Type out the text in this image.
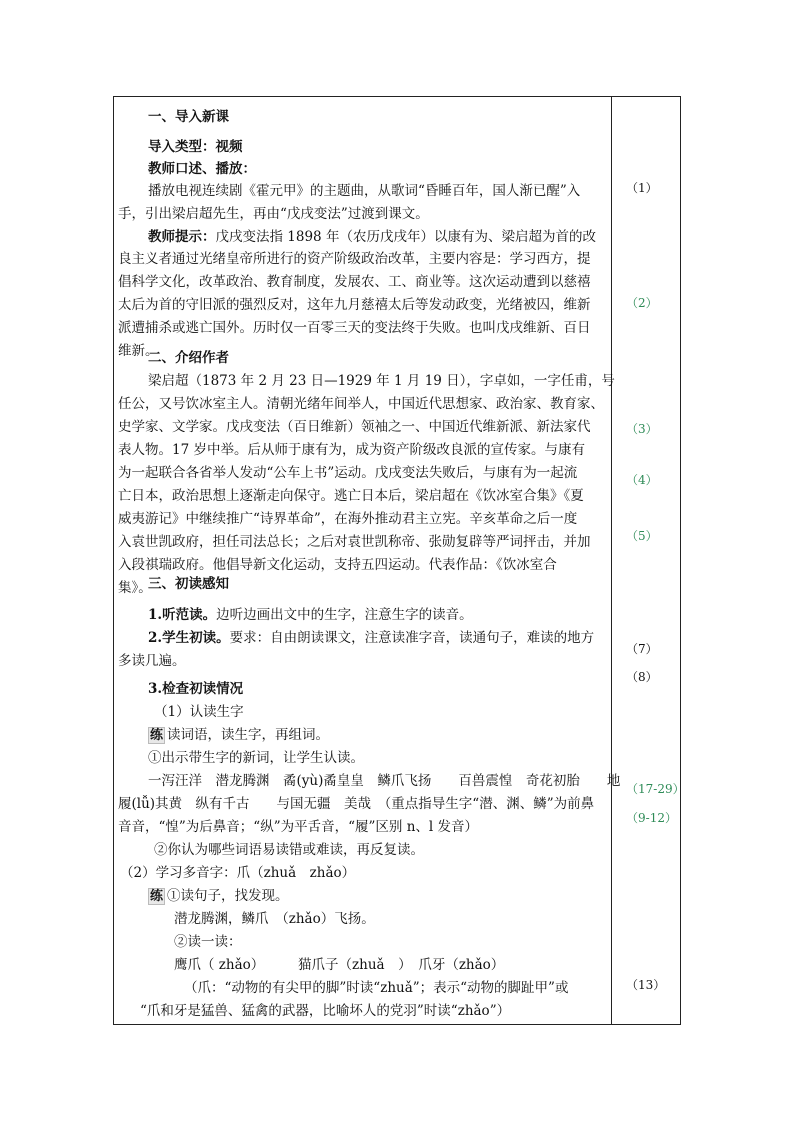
一、导入新课
导入类型：视频
教师口述、播放：
播放电视连续剧《霍元甲》的主题曲，从歌词“昏睡百年，国人渐已醒”入
手，引出梁启超先生，再由“戊戌变法”过渡到课文。
教师提示：戊戌变法指 1898 年（农历戊戌年）以康有为、梁启超为首的改
良主义者通过光绪皇帝所进行的资产阶级政治改革，主要内容是：学习西方，提
倡科学文化，改革政治、教育制度，发展农、工、商业等。这次运动遭到以慈禧
太后为首的守旧派的强烈反对，这年九月慈禧太后等发动政变，光绪被囚，维新
派遭捕杀或逃亡国外。历时仅一百零三天的变法终于失败。也叫戊戌维新、百日
维新。
二、介绍作者
梁启超（1873 年 2 月 23 日—1929 年 1 月 19 日），字卓如，一字任甫，号
任公，又号饮冰室主人。清朝光绪年间举人，中国近代思想家、政治家、教育家、
史学家、文学家。戊戌变法（百日维新）领袖之一、中国近代维新派、新法家代
表人物。17 岁中举。后从师于康有为，成为资产阶级改良派的宣传家。与康有
为一起联合各省举人发动“公车上书”运动。戊戌变法失败后，与康有为一起流
亡日本，政治思想上逐渐走向保守。逃亡日本后，梁启超在《饮冰室合集》《夏
威夷游记》中继续推广“诗界革命”，在海外推动君主立宪。辛亥革命之后一度
入袁世凯政府，担任司法总长；之后对袁世凯称帝、张勋复辟等严词抨击，并加
入段祺瑞政府。他倡导新文化运动，支持五四运动。代表作品：《饮冰室合
集》。
三、初读感知
1.听范读。边听边画出文中的生字，注意生字的读音。
2.学生初读。要求：自由朗读课文，注意读准字音，读通句子，难读的地方
多读几遍。
3.检查初读情况
（1）认读生字
练 读词语，读生字，再组词。
①出示带生字的新词，让学生认读。
一泻汪洋　潜龙腾渊　矞(yù)矞皇皇　鳞爪飞扬　　百兽震惶　奇花初胎　　地
履(lǚ)其黄　纵有千古　　与国无疆　美哉　（重点指导生字“潜、渊、鳞”为前鼻
音音，“惶”为后鼻音；“纵”为平舌音，“履”区别 n、l 发音）
②你认为哪些词语易读错或难读，再反复读。
（2）学习多音字：爪（zhuǎ　zhǎo）
练 ①读句子，找发现。
潜龙腾渊，鳞爪　（zhǎo）飞扬。
②读一读：
鹰爪（ zhǎo）　　　猫爪子（zhuǎ　）　爪牙（zhǎo）
（爪：“动物的有尖甲的脚”时读“zhuǎ”；表示“动物的脚趾甲”或
“爪和牙是猛兽、猛禽的武器，比喻坏人的党羽”时读“zhǎo”）
（1）
（2）
（3）
（4）
（5）
（7）
（8）
（17-29）
（9-12）
（13）
